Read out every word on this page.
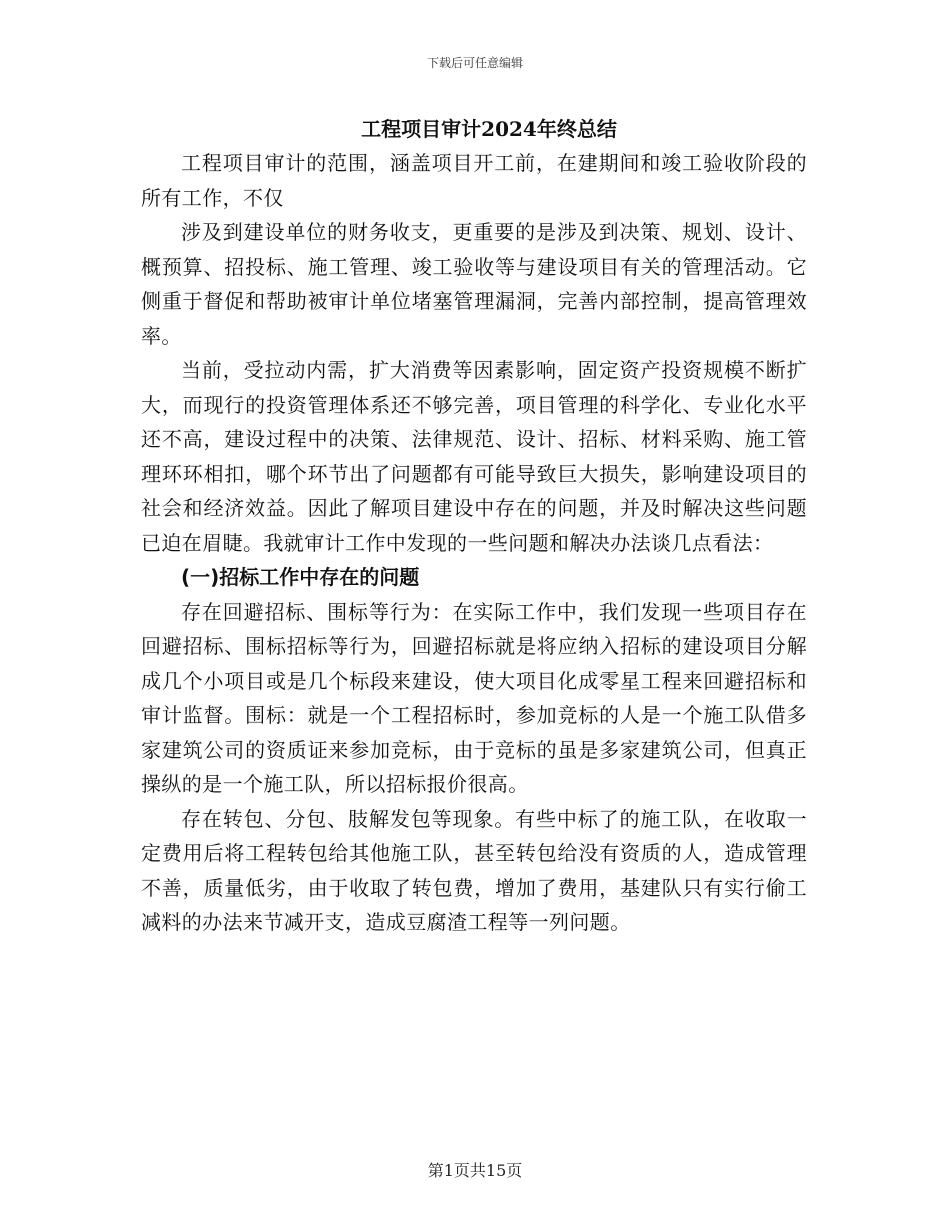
下载后可任意编辑
工程项目审计2024年终总结

工程项目审计的范围，涵盖项目开工前，在建期间和竣工验收阶段的所有工作，不仅

涉及到建设单位的财务收支，更重要的是涉及到决策、规划、设计、概预算、招投标、施工管理、竣工验收等与建设项目有关的管理活动。它侧重于督促和帮助被审计单位堵塞管理漏洞，完善内部控制，提高管理效率。

当前，受拉动内需，扩大消费等因素影响，固定资产投资规模不断扩大，而现行的投资管理体系还不够完善，项目管理的科学化、专业化水平还不高，建设过程中的决策、法律规范、设计、招标、材料采购、施工管理环环相扣，哪个环节出了问题都有可能导致巨大损失，影响建设项目的社会和经济效益。因此了解项目建设中存在的问题，并及时解决这些问题已迫在眉睫。我就审计工作中发现的一些问题和解决办法谈几点看法：

(一)招标工作中存在的问题

存在回避招标、围标等行为：在实际工作中，我们发现一些项目存在回避招标、围标招标等行为，回避招标就是将应纳入招标的建设项目分解成几个小项目或是几个标段来建设，使大项目化成零星工程来回避招标和审计监督。围标：就是一个工程招标时，参加竞标的人是一个施工队借多家建筑公司的资质证来参加竞标，由于竞标的虽是多家建筑公司，但真正操纵的是一个施工队，所以招标报价很高。

存在转包、分包、肢解发包等现象。有些中标了的施工队，在收取一定费用后将工程转包给其他施工队，甚至转包给没有资质的人，造成管理不善，质量低劣，由于收取了转包费，增加了费用，基建队只有实行偷工减料的办法来节减开支，造成豆腐渣工程等一列问题。

第1页共15页
